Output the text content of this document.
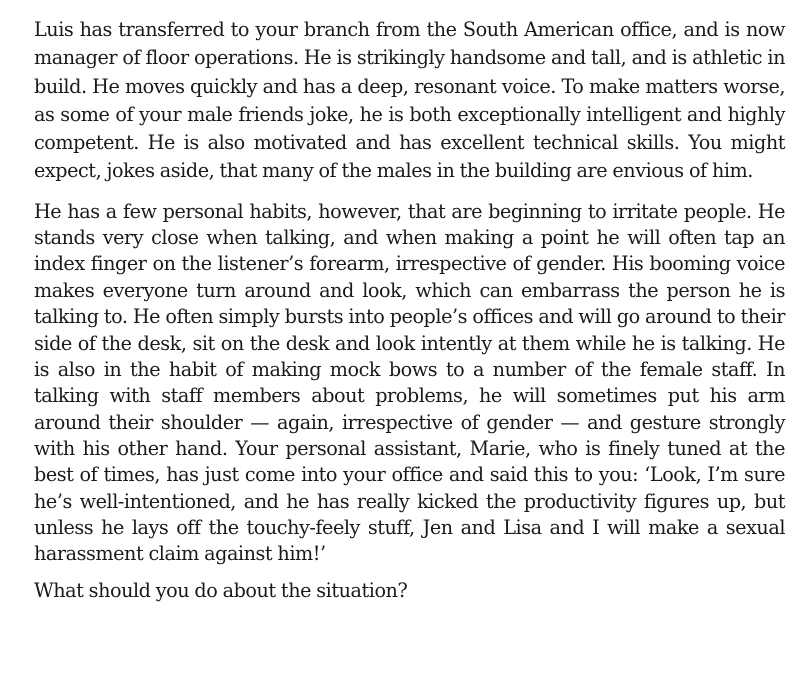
Luis has transferred to your branch from the South American office, and is now manager of floor operations. He is strikingly handsome and tall, and is athletic in build. He moves quickly and has a deep, resonant voice. To make matters worse, as some of your male friends joke, he is both exceptionally intelligent and highly competent. He is also motivated and has excellent technical skills. You might expect, jokes aside, that many of the males in the building are envious of him.

He has a few personal habits, however, that are beginning to irritate people. He stands very close when talking, and when making a point he will often tap an index finger on the listener’s forearm, irrespective of gender. His booming voice makes everyone turn around and look, which can embarrass the person he is talking to. He often simply bursts into people’s offices and will go around to their side of the desk, sit on the desk and look intently at them while he is talking. He is also in the habit of making mock bows to a number of the female staff. In talking with staff members about problems, he will sometimes put his arm around their shoulder — again, irrespective of gender — and gesture strongly with his other hand. Your personal assistant, Marie, who is finely tuned at the best of times, has just come into your office and said this to you: ‘Look, I’m sure he’s well-intentioned, and he has really kicked the productivity figures up, but unless he lays off the touchy-feely stuff, Jen and Lisa and I will make a sexual harassment claim against him!’

What should you do about the situation?
